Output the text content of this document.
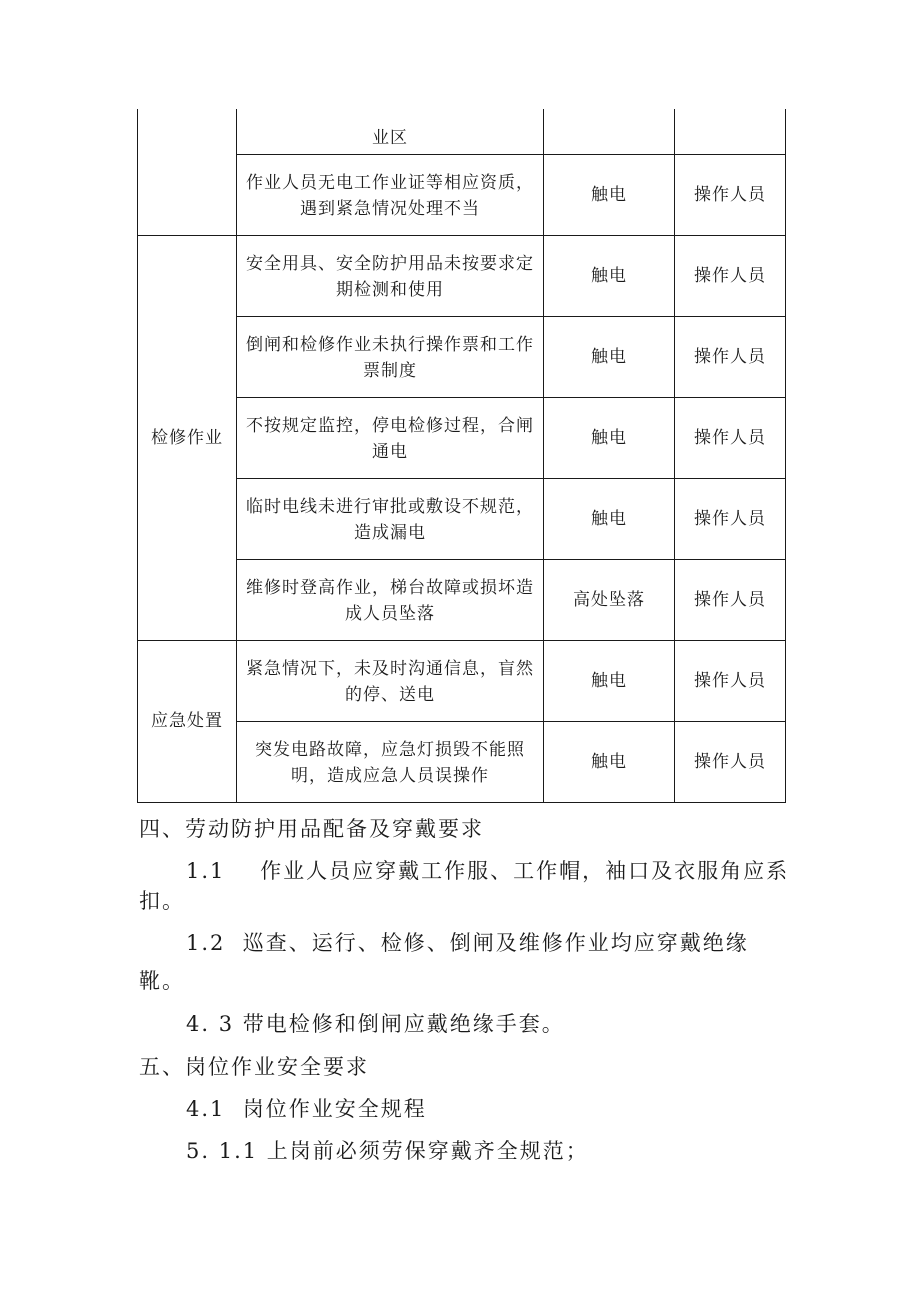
	业区		
	作业人员无电工作业证等相应资质，遇到紧急情况处理不当	触电	操作人员
检修作业	安全用具、安全防护用品未按要求定期检测和使用	触电	操作人员
	倒闸和检修作业未执行操作票和工作票制度	触电	操作人员
	不按规定监控，停电检修过程，合闸通电	触电	操作人员
	临时电线未进行审批或敷设不规范，造成漏电	触电	操作人员
	维修时登高作业，梯台故障或损坏造成人员坠落	高处坠落	操作人员
应急处置	紧急情况下，未及时沟通信息，盲然的停、送电	触电	操作人员
	突发电路故障，应急灯损毁不能照明，造成应急人员误操作	触电	操作人员
四、劳动防护用品配备及穿戴要求
1.1    作业人员应穿戴工作服、工作帽，袖口及衣服角应系
扣。
1.2  巡查、运行、检修、倒闸及维修作业均应穿戴绝缘
靴。
4. 3 带电检修和倒闸应戴绝缘手套。
五、岗位作业安全要求
4.1  岗位作业安全规程
5. 1.1 上岗前必须劳保穿戴齐全规范；
